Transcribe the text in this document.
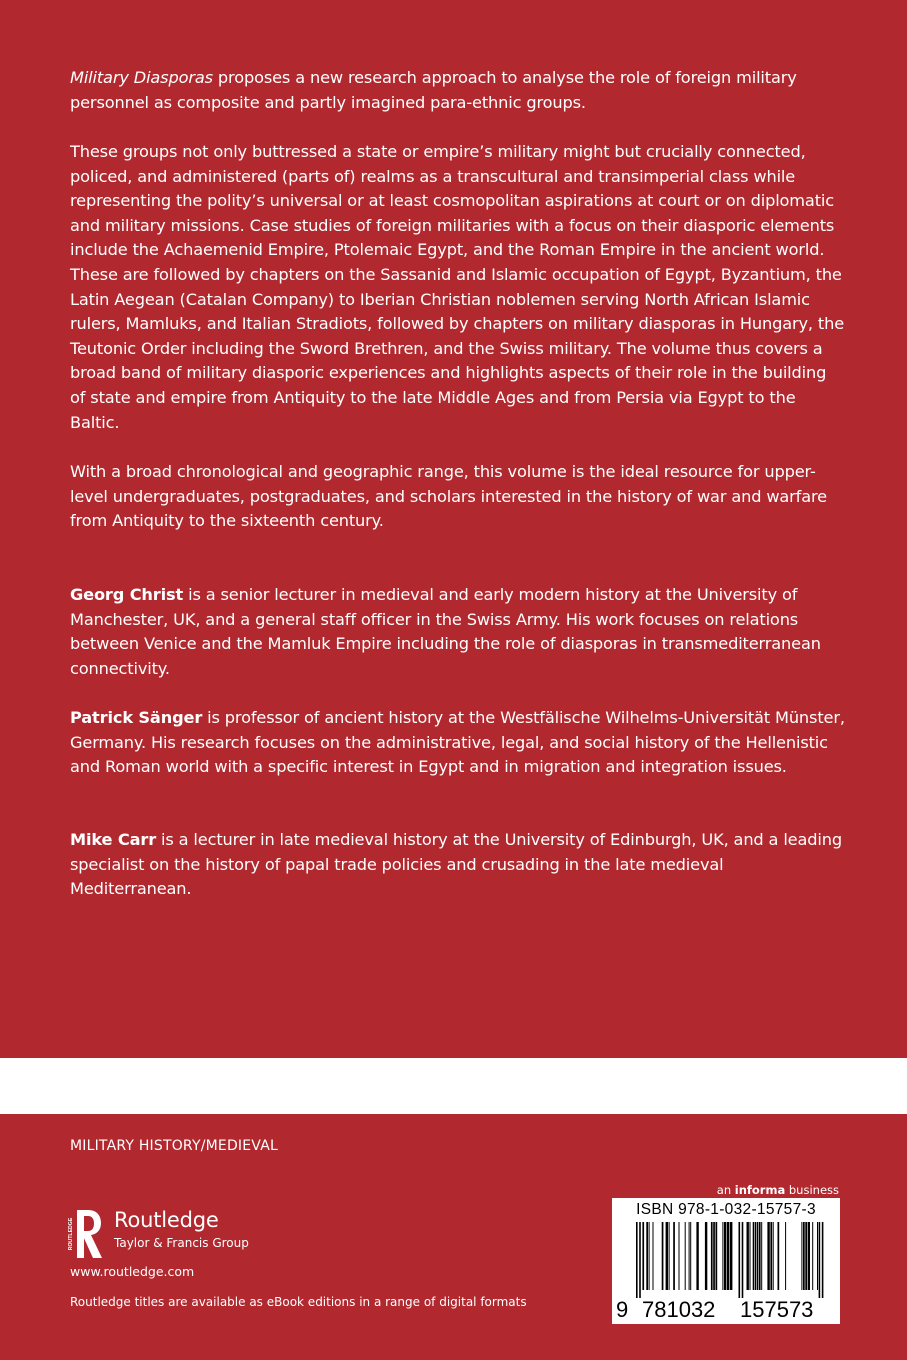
Military Diasporas proposes a new research approach to analyse the role of foreign military personnel as composite and partly imagined para-ethnic groups.

These groups not only buttressed a state or empire’s military might but crucially connected, policed, and administered (parts of) realms as a transcultural and transimperial class while representing the polity’s universal or at least cosmopolitan aspirations at court or on diplomatic and military missions. Case studies of foreign militaries with a focus on their diasporic elements include the Achaemenid Empire, Ptolemaic Egypt, and the Roman Empire in the ancient world. These are followed by chapters on the Sassanid and Islamic occupation of Egypt, Byzantium, the Latin Aegean (Catalan Company) to Iberian Christian noblemen serving North African Islamic rulers, Mamluks, and Italian Stradiots, followed by chapters on military diasporas in Hungary, the Teutonic Order including the Sword Brethren, and the Swiss military. The volume thus covers a broad band of military diasporic experiences and highlights aspects of their role in the building of state and empire from Antiquity to the late Middle Ages and from Persia via Egypt to the Baltic.

With a broad chronological and geographic range, this volume is the ideal resource for upper-level undergraduates, postgraduates, and scholars interested in the history of war and warfare from Antiquity to the sixteenth century.

Georg Christ is a senior lecturer in medieval and early modern history at the University of Manchester, UK, and a general staff officer in the Swiss Army. His work focuses on relations between Venice and the Mamluk Empire including the role of diasporas in transmediterranean connectivity.

Patrick Sänger is professor of ancient history at the Westfälische Wilhelms-Universität Münster, Germany. His research focuses on the administrative, legal, and social history of the Hellenistic and Roman world with a specific interest in Egypt and in migration and integration issues.

Mike Carr is a lecturer in late medieval history at the University of Edinburgh, UK, and a leading specialist on the history of papal trade policies and crusading in the late medieval Mediterranean.

MILITARY HISTORY/MEDIEVAL
ROUTLEDGE Routledge
Taylor & Francis Group
www.routledge.com
Routledge titles are available as eBook editions in a range of digital formats
an informa business
ISBN 978-1-032-15757-3
9 781032 157573
